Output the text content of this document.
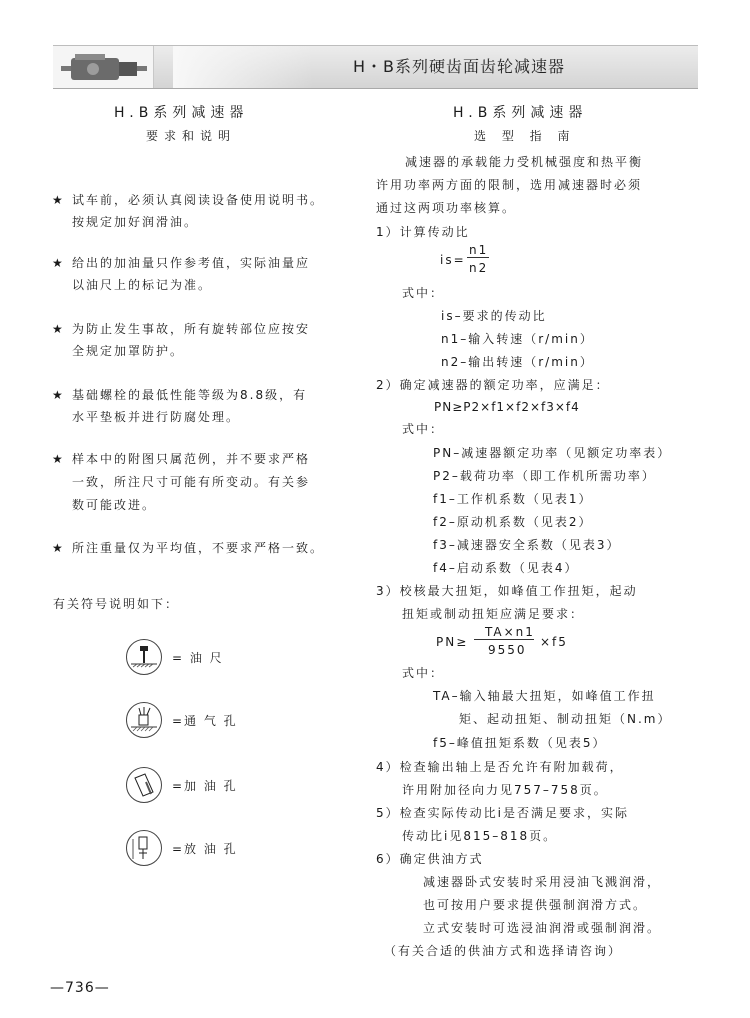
H・B系列硬齿面齿轮减速器
H.B系列减速器
要求和说明
★ 试车前，必须认真阅读设备使用说明书。
按规定加好润滑油。
★ 给出的加油量只作参考值，实际油量应
以油尺上的标记为准。
★ 为防止发生事故，所有旋转部位应按安
全规定加罩防护。
★ 基础螺栓的最低性能等级为8.8级，有
水平垫板并进行防腐处理。
★ 样本中的附图只属范例，并不要求严格
一致，所注尺寸可能有所变动。有关参
数可能改进。
★ 所注重量仅为平均值，不要求严格一致。
有关符号说明如下：
= 油 尺
=通 气 孔
=加 油 孔
=放 油 孔
H.B系列减速器
选 型 指 南
减速器的承载能力受机械强度和热平衡
许用功率两方面的限制，选用减速器时必须
通过这两项功率核算。
1）计算传动比
is=
n1
n2
式中：
is–要求的传动比
n1–输入转速（r/min）
n2–输出转速（r/min）
2）确定减速器的额定功率，应满足：
PN≥P2×f1×f2×f3×f4
式中：
PN–减速器额定功率（见额定功率表）
P2–载荷功率（即工作机所需功率）
f1–工作机系数（见表1）
f2–原动机系数（见表2）
f3–减速器安全系数（见表3）
f4–启动系数（见表4）
3）校核最大扭矩，如峰值工作扭矩，起动
扭矩或制动扭矩应满足要求：
PN≥
TA×n1
9550
×f5
式中：
TA–输入轴最大扭矩，如峰值工作扭
矩、起动扭矩、制动扭矩（N.m）
f5–峰值扭矩系数（见表5）
4）检查输出轴上是否允许有附加载荷，
许用附加径向力见757–758页。
5）检查实际传动比i是否满足要求，实际
传动比i见815–818页。
6）确定供油方式
减速器卧式安装时采用浸油飞溅润滑，
也可按用户要求提供强制润滑方式。
立式安装时可选浸油润滑或强制润滑。
（有关合适的供油方式和选择请咨询）
—736—
